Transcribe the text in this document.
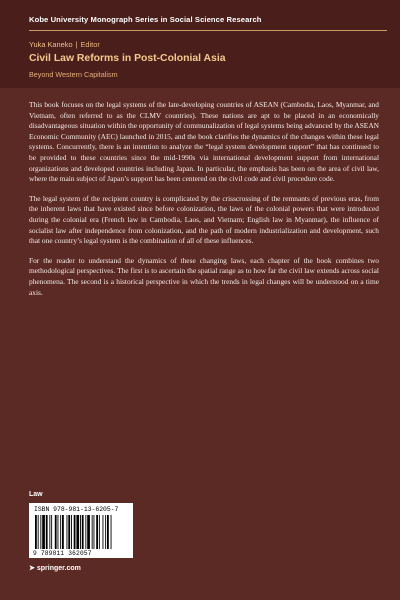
Kobe University Monograph Series in Social Science Research
Yuka Kaneko | Editor
Civil Law Reforms in Post-Colonial Asia
Beyond Western Capitalism

This book focuses on the legal systems of the late-developing countries of ASEAN (Cambodia, Laos, Myanmar, and Vietnam, often referred to as the CLMV countries). These nations are apt to be placed in an economically disadvantageous situation within the opportunity of communalization of legal systems being advanced by the ASEAN Economic Community (AEC) launched in 2015, and the book clarifies the dynamics of the changes within these legal systems. Concurrently, there is an intention to analyze the “legal system development support” that has continued to be provided to these countries since the mid-1990s via international development support from international organizations and developed countries including Japan. In particular, the emphasis has been on the area of civil law, where the main subject of Japan’s support has been centered on the civil code and civil procedure code.

The legal system of the recipient country is complicated by the crisscrossing of the remnants of previous eras, from the inherent laws that have existed since before colonization, the laws of the colonial powers that were introduced during the colonial era (French law in Cambodia, Laos, and Vietnam; English law in Myanmar), the influence of socialist law after independence from colonization, and the path of modern industrialization and development, such that one country’s legal system is the combination of all of these influences.

For the reader to understand the dynamics of these changing laws, each chapter of the book combines two methodological perspectives. The first is to ascertain the spatial range as to how far the civil law extends across social phenomena. The second is a historical perspective in which the trends in legal changes will be understood on a time axis.

Law
ISBN 978-981-13-6205-7
9 789811 362057
➤ springer.com
